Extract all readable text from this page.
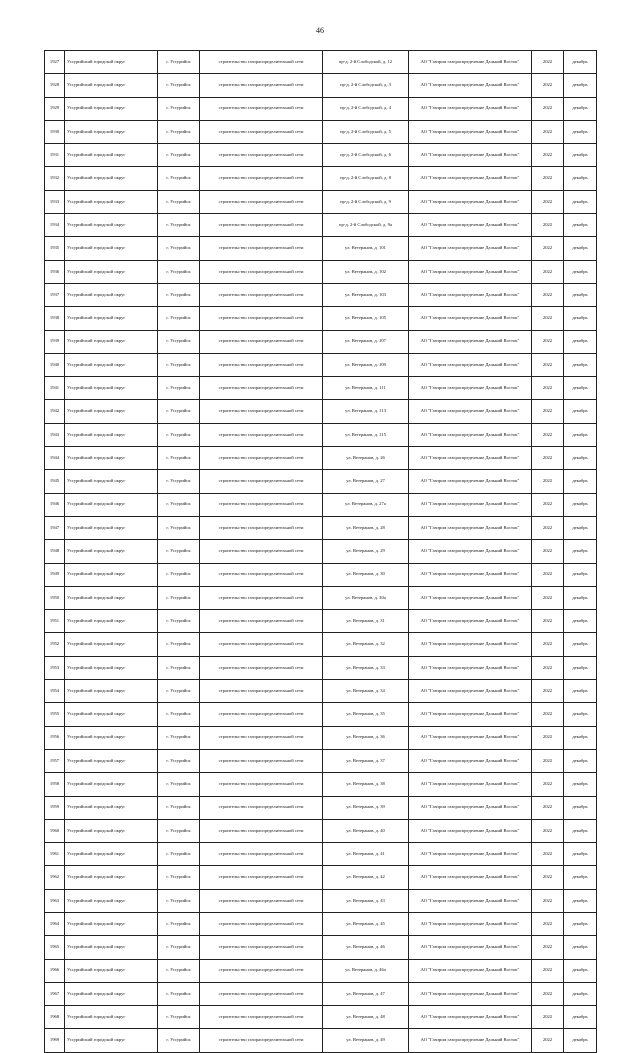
46
1927	Уссурийский городской округ	г. Уссурийск	строительство газораспределительной сети	пр-д. 2-й Слободской, д. 12	АО "Газпром газораспределение Дальний Восток"	2022	декабрь
1928	Уссурийский городской округ	г. Уссурийск	строительство газораспределительной сети	пр-д. 2-й Слободской, д. 3	АО "Газпром газораспределение Дальний Восток"	2022	декабрь
1929	Уссурийский городской округ	г. Уссурийск	строительство газораспределительной сети	пр-д. 2-й Слободской, д. 4	АО "Газпром газораспределение Дальний Восток"	2022	декабрь
1930	Уссурийский городской округ	г. Уссурийск	строительство газораспределительной сети	пр-д. 2-й Слободской, д. 5	АО "Газпром газораспределение Дальний Восток"	2022	декабрь
1931	Уссурийский городской округ	г. Уссурийск	строительство газораспределительной сети	пр-д. 2-й Слободской, д. 6	АО "Газпром газораспределение Дальний Восток"	2022	декабрь
1932	Уссурийский городской округ	г. Уссурийск	строительство газораспределительной сети	пр-д. 2-й Слободской, д. 8	АО "Газпром газораспределение Дальний Восток"	2022	декабрь
1933	Уссурийский городской округ	г. Уссурийск	строительство газораспределительной сети	пр-д. 2-й Слободской, д. 9	АО "Газпром газораспределение Дальний Восток"	2022	декабрь
1934	Уссурийский городской округ	г. Уссурийск	строительство газораспределительной сети	пр-д. 2-й Слободской, д. 9а	АО "Газпром газораспределение Дальний Восток"	2022	декабрь
1935	Уссурийский городской округ	г. Уссурийск	строительство газораспределительной сети	ул. Ветеранов, д. 101	АО "Газпром газораспределение Дальний Восток"	2022	декабрь
1936	Уссурийский городской округ	г. Уссурийск	строительство газораспределительной сети	ул. Ветеранов, д. 102	АО "Газпром газораспределение Дальний Восток"	2022	декабрь
1937	Уссурийский городской округ	г. Уссурийск	строительство газораспределительной сети	ул. Ветеранов, д. 103	АО "Газпром газораспределение Дальний Восток"	2022	декабрь
1938	Уссурийский городской округ	г. Уссурийск	строительство газораспределительной сети	ул. Ветеранов, д. 105	АО "Газпром газораспределение Дальний Восток"	2022	декабрь
1939	Уссурийский городской округ	г. Уссурийск	строительство газораспределительной сети	ул. Ветеранов, д. 107	АО "Газпром газораспределение Дальний Восток"	2022	декабрь
1940	Уссурийский городской округ	г. Уссурийск	строительство газораспределительной сети	ул. Ветеранов, д. 109	АО "Газпром газораспределение Дальний Восток"	2022	декабрь
1941	Уссурийский городской округ	г. Уссурийск	строительство газораспределительной сети	ул. Ветеранов, д. 111	АО "Газпром газораспределение Дальний Восток"	2022	декабрь
1942	Уссурийский городской округ	г. Уссурийск	строительство газораспределительной сети	ул. Ветеранов, д. 113	АО "Газпром газораспределение Дальний Восток"	2022	декабрь
1943	Уссурийский городской округ	г. Уссурийск	строительство газораспределительной сети	ул. Ветеранов, д. 115	АО "Газпром газораспределение Дальний Восток"	2022	декабрь
1944	Уссурийский городской округ	г. Уссурийск	строительство газораспределительной сети	ул. Ветеранов, д. 26	АО "Газпром газораспределение Дальний Восток"	2022	декабрь
1945	Уссурийский городской округ	г. Уссурийск	строительство газораспределительной сети	ул. Ветеранов, д. 27	АО "Газпром газораспределение Дальний Восток"	2022	декабрь
1946	Уссурийский городской округ	г. Уссурийск	строительство газораспределительной сети	ул. Ветеранов, д. 27а	АО "Газпром газораспределение Дальний Восток"	2022	декабрь
1947	Уссурийский городской округ	г. Уссурийск	строительство газораспределительной сети	ул. Ветеранов, д. 28	АО "Газпром газораспределение Дальний Восток"	2022	декабрь
1948	Уссурийский городской округ	г. Уссурийск	строительство газораспределительной сети	ул. Ветеранов, д. 29	АО "Газпром газораспределение Дальний Восток"	2022	декабрь
1949	Уссурийский городской округ	г. Уссурийск	строительство газораспределительной сети	ул. Ветеранов, д. 30	АО "Газпром газораспределение Дальний Восток"	2022	декабрь
1950	Уссурийский городской округ	г. Уссурийск	строительство газораспределительной сети	ул. Ветеранов, д. 30а	АО "Газпром газораспределение Дальний Восток"	2022	декабрь
1951	Уссурийский городской округ	г. Уссурийск	строительство газораспределительной сети	ул. Ветеранов, д. 31	АО "Газпром газораспределение Дальний Восток"	2022	декабрь
1952	Уссурийский городской округ	г. Уссурийск	строительство газораспределительной сети	ул. Ветеранов, д. 32	АО "Газпром газораспределение Дальний Восток"	2022	декабрь
1953	Уссурийский городской округ	г. Уссурийск	строительство газораспределительной сети	ул. Ветеранов, д. 33	АО "Газпром газораспределение Дальний Восток"	2022	декабрь
1954	Уссурийский городской округ	г. Уссурийск	строительство газораспределительной сети	ул. Ветеранов, д. 34	АО "Газпром газораспределение Дальний Восток"	2022	декабрь
1955	Уссурийский городской округ	г. Уссурийск	строительство газораспределительной сети	ул. Ветеранов, д. 35	АО "Газпром газораспределение Дальний Восток"	2022	декабрь
1956	Уссурийский городской округ	г. Уссурийск	строительство газораспределительной сети	ул. Ветеранов, д. 36	АО "Газпром газораспределение Дальний Восток"	2022	декабрь
1957	Уссурийский городской округ	г. Уссурийск	строительство газораспределительной сети	ул. Ветеранов, д. 37	АО "Газпром газораспределение Дальний Восток"	2022	декабрь
1958	Уссурийский городской округ	г. Уссурийск	строительство газораспределительной сети	ул. Ветеранов, д. 38	АО "Газпром газораспределение Дальний Восток"	2022	декабрь
1959	Уссурийский городской округ	г. Уссурийск	строительство газораспределительной сети	ул. Ветеранов, д. 39	АО "Газпром газораспределение Дальний Восток"	2022	декабрь
1960	Уссурийский городской округ	г. Уссурийск	строительство газораспределительной сети	ул. Ветеранов, д. 40	АО "Газпром газораспределение Дальний Восток"	2022	декабрь
1961	Уссурийский городской округ	г. Уссурийск	строительство газораспределительной сети	ул. Ветеранов, д. 41	АО "Газпром газораспределение Дальний Восток"	2022	декабрь
1962	Уссурийский городской округ	г. Уссурийск	строительство газораспределительной сети	ул. Ветеранов, д. 42	АО "Газпром газораспределение Дальний Восток"	2022	декабрь
1963	Уссурийский городской округ	г. Уссурийск	строительство газораспределительной сети	ул. Ветеранов, д. 43	АО "Газпром газораспределение Дальний Восток"	2022	декабрь
1964	Уссурийский городской округ	г. Уссурийск	строительство газораспределительной сети	ул. Ветеранов, д. 45	АО "Газпром газораспределение Дальний Восток"	2022	декабрь
1965	Уссурийский городской округ	г. Уссурийск	строительство газораспределительной сети	ул. Ветеранов, д. 46	АО "Газпром газораспределение Дальний Восток"	2022	декабрь
1966	Уссурийский городской округ	г. Уссурийск	строительство газораспределительной сети	ул. Ветеранов, д. 46а	АО "Газпром газораспределение Дальний Восток"	2022	декабрь
1967	Уссурийский городской округ	г. Уссурийск	строительство газораспределительной сети	ул. Ветеранов, д. 47	АО "Газпром газораспределение Дальний Восток"	2022	декабрь
1968	Уссурийский городской округ	г. Уссурийск	строительство газораспределительной сети	ул. Ветеранов, д. 48	АО "Газпром газораспределение Дальний Восток"	2022	декабрь
1969	Уссурийский городской округ	г. Уссурийск	строительство газораспределительной сети	ул. Ветеранов, д. 49	АО "Газпром газораспределение Дальний Восток"	2022	декабрь
